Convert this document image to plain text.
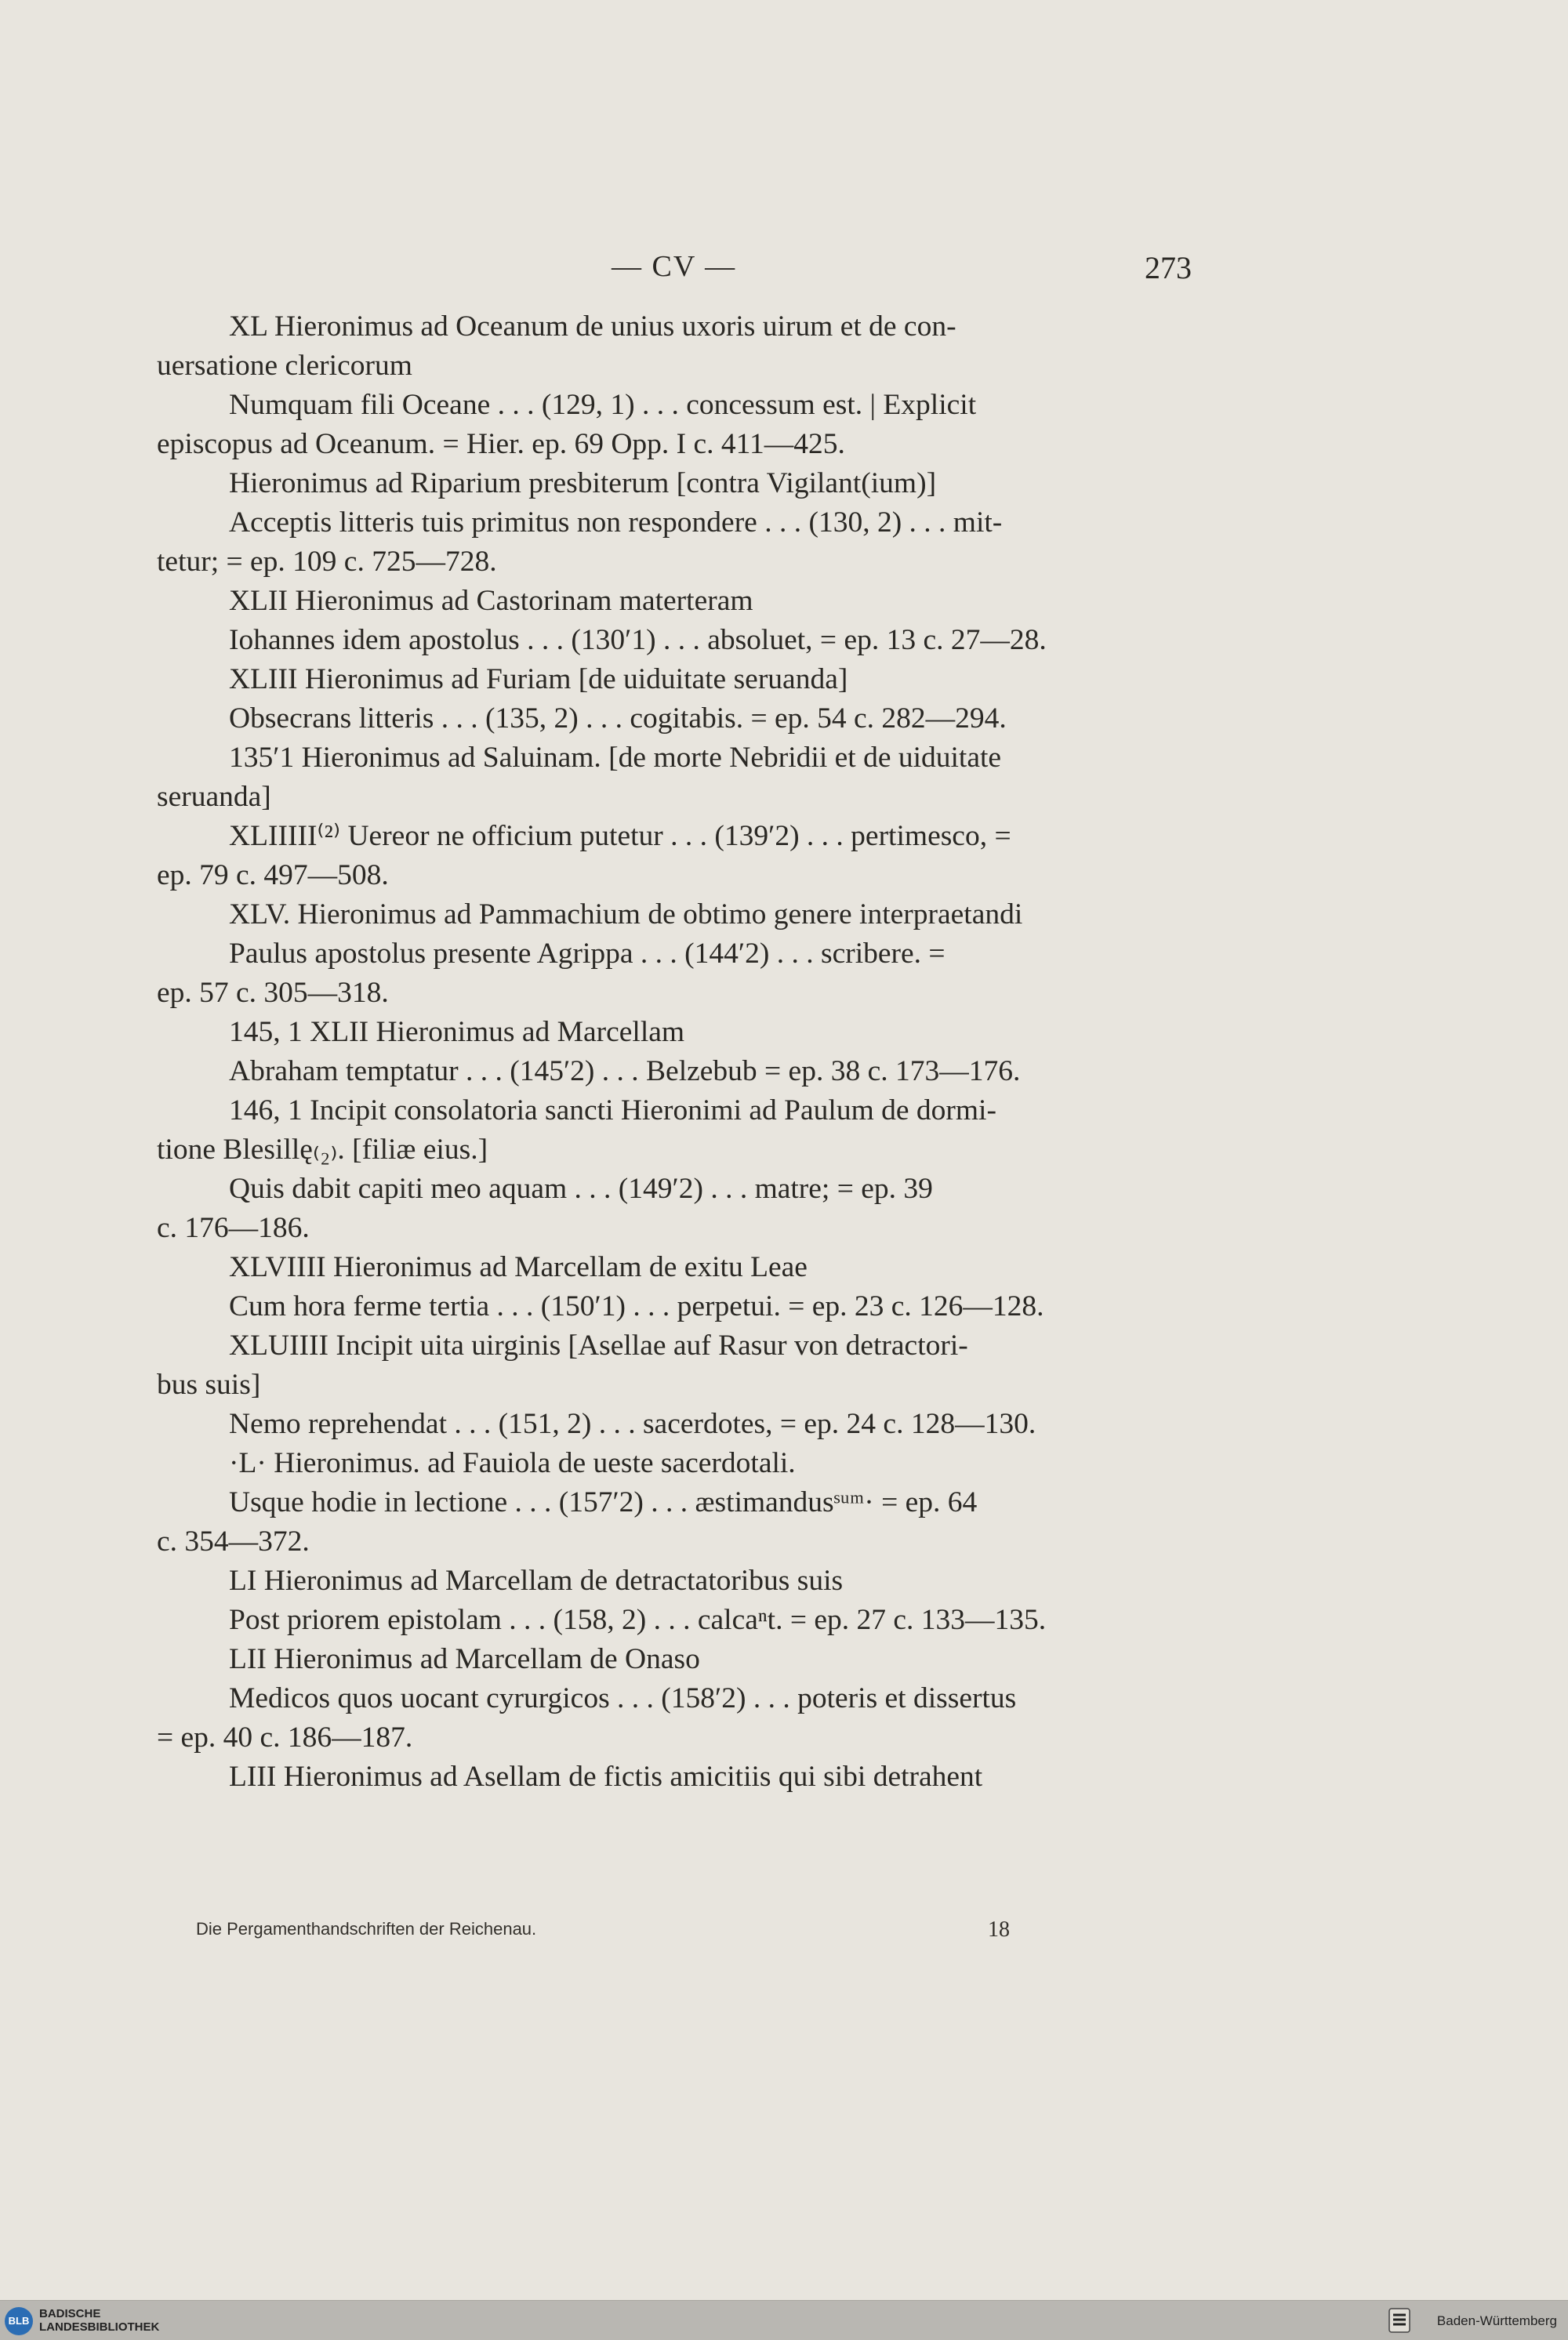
— CV —	273
XL Hieronimus ad Oceanum de unius uxoris uirum et de con-
uersatione clericorum
Numquam fili Oceane . . . (129, 1) . . . concessum est. | Explicit
episcopus ad Oceanum. = Hier. ep. 69 Opp. I c. 411—425.
Hieronimus ad Riparium presbiterum [contra Vigilant(ium)]
Acceptis litteris tuis primitus non respondere . . . (130, 2) . . . mit-
tetur; = ep. 109 c. 725—728.
XLII Hieronimus ad Castorinam materteram
Iohannes idem apostolus . . . (130′1) . . . absoluet, = ep. 13 c. 27—28.
XLIII Hieronimus ad Furiam [de uiduitate seruanda]
Obsecrans litteris . . . (135, 2) . . . cogitabis. = ep. 54 c. 282—294.
135′1 Hieronimus ad Saluinam. [de morte Nebridii et de uiduitate
seruanda]
XLIIIII⁽²⁾ Uereor ne officium putetur . . . (139′2) . . . pertimesco, =
ep. 79 c. 497—508.
XLV. Hieronimus ad Pammachium de obtimo genere interpraetandi
Paulus apostolus presente Agrippa . . . (144′2) . . . scribere. =
ep. 57 c. 305—318.
145, 1 XLII Hieronimus ad Marcellam
Abraham temptatur . . . (145′2) . . . Belzebub = ep. 38 c. 173—176.
146, 1 Incipit consolatoria sancti Hieronimi ad Paulum de dormi-
tione Blesillę₍₂₎. [filiæ eius.]
Quis dabit capiti meo aquam . . . (149′2) . . . matre; = ep. 39
c. 176—186.
XLVIIII Hieronimus ad Marcellam de exitu Leae
Cum hora ferme tertia . . . (150′1) . . . perpetui. = ep. 23 c. 126—128.
XLUIIII Incipit uita uirginis [Asellae auf Rasur von detractori-
bus suis]
Nemo reprehendat . . . (151, 2) . . . sacerdotes, = ep. 24 c. 128—130.
·L· Hieronimus. ad Fauiola de ueste sacerdotali.
Usque hodie in lectione . . . (157′2) . . . æstimandusˢᵘᵐ· = ep. 64
c. 354—372.
LI Hieronimus ad Marcellam de detractatoribus suis
Post priorem epistolam . . . (158, 2) . . . calcaⁿt. = ep. 27 c. 133—135.
LII Hieronimus ad Marcellam de Onaso
Medicos quos uocant cyrurgicos . . . (158′2) . . . poteris et dissertus
= ep. 40 c. 186—187.
LIII Hieronimus ad Asellam de fictis amicitiis qui sibi detrahent
Die Pergamenthandschriften der Reichenau.	18
BLB
BADISCHE
LANDESBIBLIOTHEK	Baden-Württemberg
